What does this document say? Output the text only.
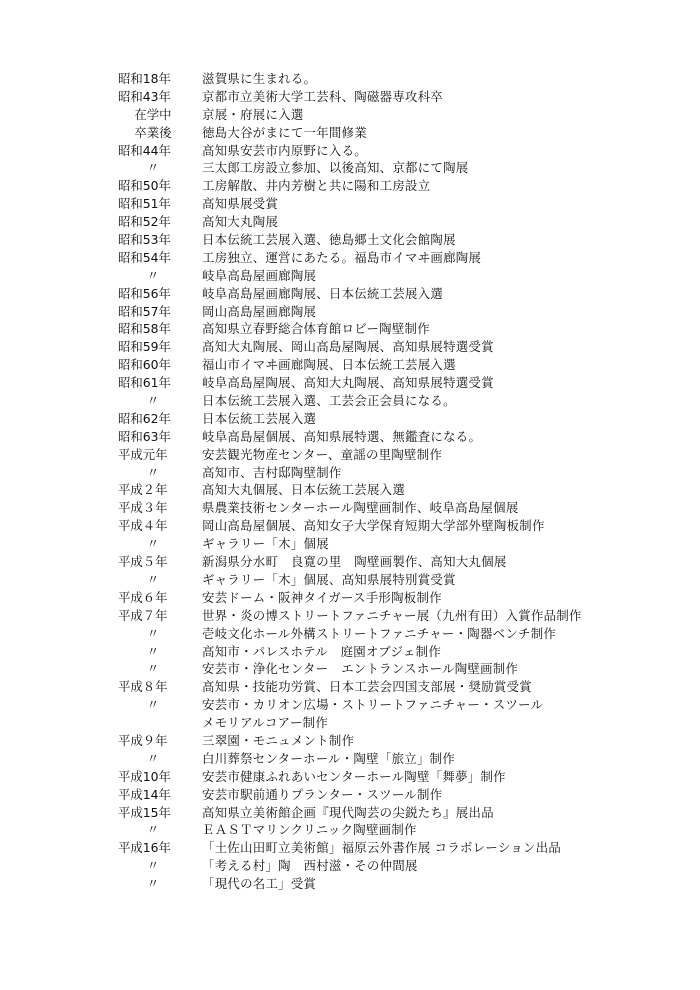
昭和18年	滋賀県に生まれる。
昭和43年	京都市立美術大学工芸科、陶磁器専攻科卒
在学中	京展・府展に入選
卒業後	徳島大谷がまにて一年間修業
昭和44年	高知県安芸市内原野に入る。
〃	三太郎工房設立参加、以後高知、京都にて陶展
昭和50年	工房解散、井内芳樹と共に陽和工房設立
昭和51年	高知県展受賞
昭和52年	高知大丸陶展
昭和53年	日本伝統工芸展入選、徳島郷土文化会館陶展
昭和54年	工房独立、運営にあたる。福島市イマヰ画廊陶展
〃	岐阜高島屋画廊陶展
昭和56年	岐阜高島屋画廊陶展、日本伝統工芸展入選
昭和57年	岡山高島屋画廊陶展
昭和58年	高知県立春野総合体育館ロビー陶壁制作
昭和59年	高知大丸陶展、岡山高島屋陶展、高知県展特選受賞
昭和60年	福山市イマヰ画廊陶展、日本伝統工芸展入選
昭和61年	岐阜高島屋陶展、高知大丸陶展、高知県展特選受賞
〃	日本伝統工芸展入選、工芸会正会員になる。
昭和62年	日本伝統工芸展入選
昭和63年	岐阜高島屋個展、高知県展特選、無鑑査になる。
平成元年	安芸観光物産センター、童謡の里陶壁制作
〃	高知市、吉村邸陶壁制作
平成２年	高知大丸個展、日本伝統工芸展入選
平成３年	県農業技術センターホール陶壁画制作、岐阜高島屋個展
平成４年	岡山高島屋個展、高知女子大学保育短期大学部外壁陶板制作
〃	ギャラリー「木」個展
平成５年	新潟県分水町　良寛の里　陶壁画製作、高知大丸個展
〃	ギャラリー「木」個展、高知県展特別賞受賞
平成６年	安芸ドーム・阪神タイガース手形陶板制作
平成７年	世界・炎の博ストリートファニチャー展（九州有田）入賞作品制作
〃	壱岐文化ホール外構ストリートファニチャー・陶器ベンチ制作
〃	高知市・パレスホテル　庭園オブジェ制作
〃	安芸市・浄化センター　エントランスホール陶壁画制作
平成８年	高知県・技能功労賞、日本工芸会四国支部展・奨励賞受賞
〃	安芸市・カリオン広場・ストリートファニチャー・スツール
メモリアルコアー制作
平成９年	三翠園・モニュメント制作
〃	白川葬祭センターホール・陶壁「旅立」制作
平成10年	安芸市健康ふれあいセンターホール陶壁「舞夢」制作
平成14年	安芸市駅前通りプランター・スツール制作
平成15年	高知県立美術館企画『現代陶芸の尖鋭たち』展出品
〃	ＥＡＳＴマリンクリニック陶壁画制作
平成16年	「土佐山田町立美術館」福原云外書作展 コラボレーション出品
〃	「考える村」陶　西村滋・その仲間展
〃	「現代の名工」受賞
